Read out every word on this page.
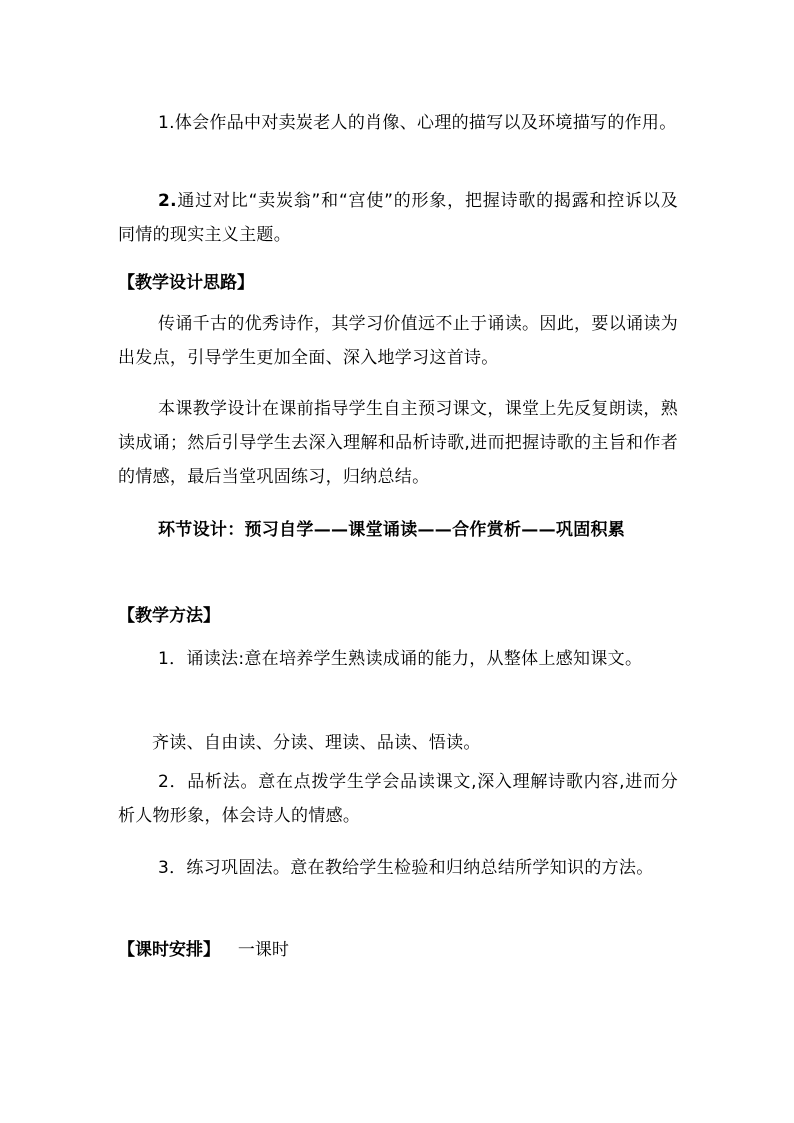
1.体会作品中对卖炭老人的肖像、心理的描写以及环境描写的作用。

2.通过对比“卖炭翁”和“宫使”的形象，把握诗歌的揭露和控诉以及同情的现实主义主题。

【教学设计思路】

传诵千古的优秀诗作，其学习价值远不止于诵读。因此，要以诵读为出发点，引导学生更加全面、深入地学习这首诗。

本课教学设计在课前指导学生自主预习课文，课堂上先反复朗读，熟读成诵；然后引导学生去深入理解和品析诗歌,进而把握诗歌的主旨和作者的情感，最后当堂巩固练习，归纳总结。

环节设计：预习自学——课堂诵读——合作赏析——巩固积累

【教学方法】

1．诵读法:意在培养学生熟读成诵的能力，从整体上感知课文。

齐读、自由读、分读、理读、品读、悟读。

2．品析法。意在点拨学生学会品读课文,深入理解诗歌内容,进而分析人物形象，体会诗人的情感。

3．练习巩固法。意在教给学生检验和归纳总结所学知识的方法。

【课时安排】 一课时
